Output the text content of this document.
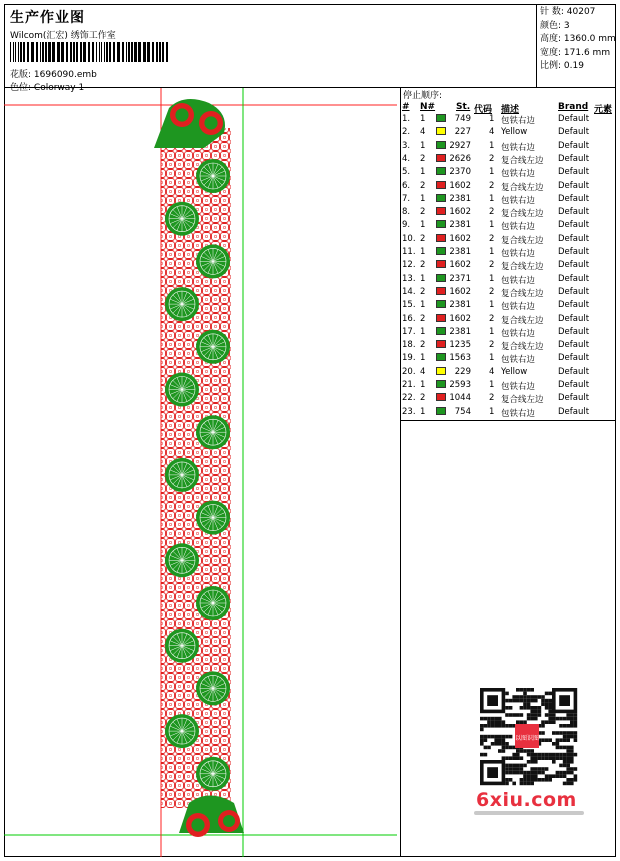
生产作业图
Wilcom(汇宏) 绣饰工作室
花版: 1696090.emb
色位: Colorway 1
针 数: 40207
颜色: 3
高度: 1360.0 mm
宽度: 171.6 mm
比例: 0.19
停止顺序:
# N# St. 代码 描述	Brand 元素
1. 1	749 1 包铁右边	Default
2. 4	227 4 Yellow	Default
3. 1	2927 1 包铁右边	Default
4. 2	2626 2 复合线左边 Default
5. 1	2370 1 包铁右边	Default
6. 2	1602 2 复合线左边 Default
7. 1	2381 1 包铁右边	Default
8. 2	1602 2 复合线左边 Default
9. 1	2381 1 包铁右边	Default
10. 2	1602 2 复合线左边 Default
11. 1	2381 1 包铁右边	Default
12. 2	1602 2 复合线左边 Default
13. 1	2371 1 包铁右边	Default
14. 2	1602 2 复合线左边 Default
15. 1	2381 1 包铁右边	Default
16. 2	1602 2 复合线左边 Default
17. 1	2381 1 包铁右边	Default
18. 2	1235 2 复合线左边 Default
19. 1	1563 1 包铁右边	Default
20. 4	229 4 Yellow	Default
21. 1	2593 1 包铁右边	Default
22. 2	1044 2 复合线左边 Default
23. 1	754 1 包铁右边	Default
以图识图
6xiu.com
